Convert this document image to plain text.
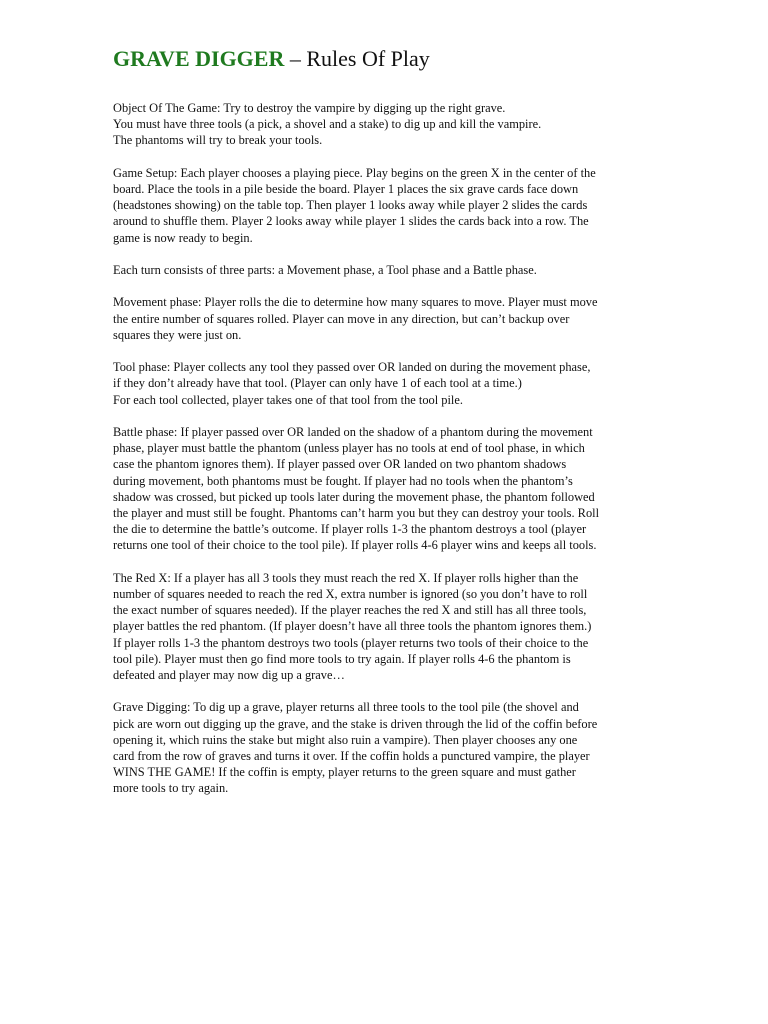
GRAVE DIGGER – Rules Of Play
Object Of The Game: Try to destroy the vampire by digging up the right grave.
You must have three tools (a pick, a shovel and a stake) to dig up and kill the vampire.
The phantoms will try to break your tools.
Game Setup: Each player chooses a playing piece. Play begins on the green X in the center of the
board. Place the tools in a pile beside the board. Player 1 places the six grave cards face down
(headstones showing) on the table top. Then player 1 looks away while player 2 slides the cards
around to shuffle them. Player 2 looks away while player 1 slides the cards back into a row. The
game is now ready to begin.
Each turn consists of three parts: a Movement phase, a Tool phase and a Battle phase.
Movement phase: Player rolls the die to determine how many squares to move. Player must move
the entire number of squares rolled. Player can move in any direction, but can’t backup over
squares they were just on.
Tool phase: Player collects any tool they passed over OR landed on during the movement phase,
if they don’t already have that tool. (Player can only have 1 of each tool at a time.)
For each tool collected, player takes one of that tool from the tool pile.
Battle phase: If player passed over OR landed on the shadow of a phantom during the movement
phase, player must battle the phantom (unless player has no tools at end of tool phase, in which
case the phantom ignores them). If player passed over OR landed on two phantom shadows
during movement, both phantoms must be fought. If player had no tools when the phantom’s
shadow was crossed, but picked up tools later during the movement phase, the phantom followed
the player and must still be fought. Phantoms can’t harm you but they can destroy your tools. Roll
the die to determine the battle’s outcome. If player rolls 1-3 the phantom destroys a tool (player
returns one tool of their choice to the tool pile). If player rolls 4-6 player wins and keeps all tools.
The Red X: If a player has all 3 tools they must reach the red X. If player rolls higher than the
number of squares needed to reach the red X, extra number is ignored (so you don’t have to roll
the exact number of squares needed). If the player reaches the red X and still has all three tools,
player battles the red phantom. (If player doesn’t have all three tools the phantom ignores them.)
If player rolls 1-3 the phantom destroys two tools (player returns two tools of their choice to the
tool pile). Player must then go find more tools to try again. If player rolls 4-6 the phantom is
defeated and player may now dig up a grave…
Grave Digging: To dig up a grave, player returns all three tools to the tool pile (the shovel and
pick are worn out digging up the grave, and the stake is driven through the lid of the coffin before
opening it, which ruins the stake but might also ruin a vampire). Then player chooses any one
card from the row of graves and turns it over. If the coffin holds a punctured vampire, the player
WINS THE GAME! If the coffin is empty, player returns to the green square and must gather
more tools to try again.
